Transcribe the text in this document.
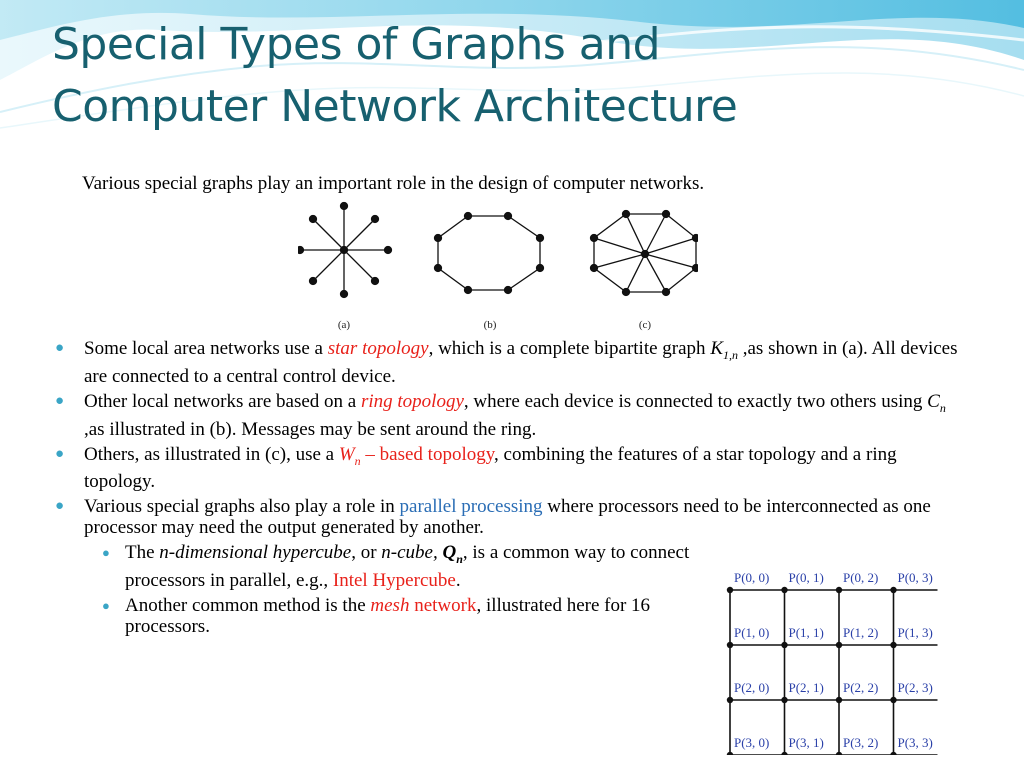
Special Types of Graphs and
Computer Network Architecture
Various special graphs play an important role in the design of computer networks.
(a)	(b)	(c)
● Some local area networks use a star topology, which is a complete bipartite graph $K_{1,n}$ ,as shown in (a). All devices are connected to a central control device.
● Other local networks are based on a ring topology, where each device is connected to exactly two others using $C_n$ ,as illustrated in (b). Messages may be sent around the ring.
● Others, as illustrated in (c), use a $W_n$ – based topology, combining the features of a star topology and a ring topology.
● Various special graphs also play a role in parallel processing where processors need to be interconnected as one processor may need the output generated by another.
● The n-dimensional hypercube, or n-cube, $Q_n$, is a common way to connect processors in parallel, e.g., Intel Hypercube.
● Another common method is the mesh network, illustrated here for 16 processors.
P(0, 0) P(0, 1) P(0, 2) P(0, 3)
P(1, 0) P(1, 1) P(1, 2) P(1, 3)
P(2, 0) P(2, 1) P(2, 2) P(2, 3)
P(3, 0) P(3, 1) P(3, 2) P(3, 3)
